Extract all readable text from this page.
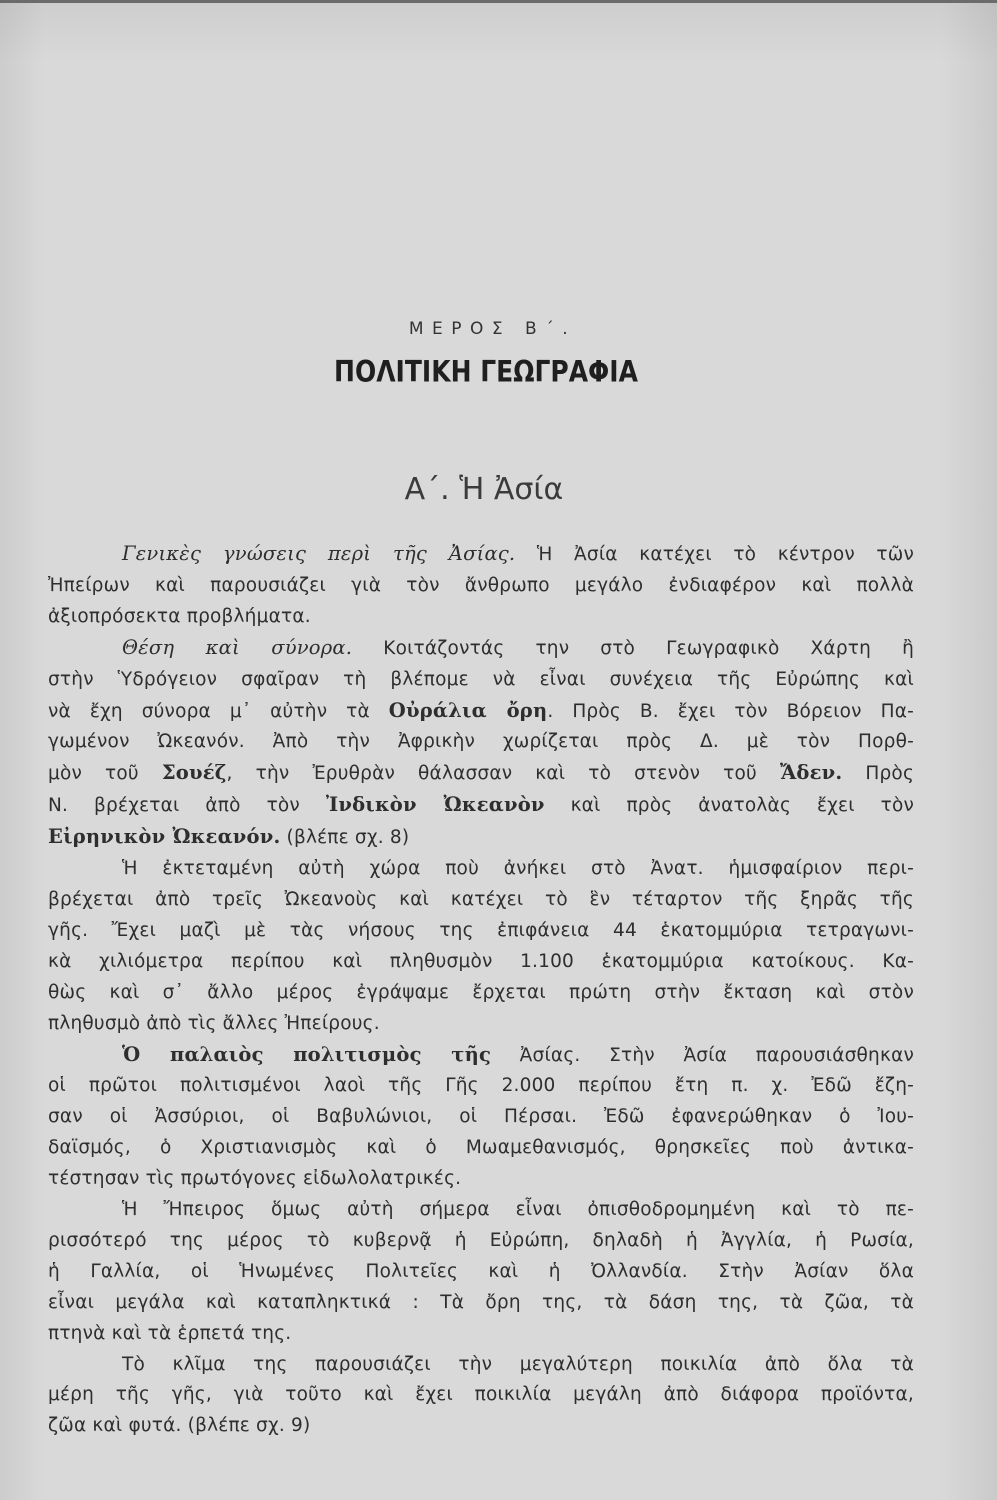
ΜΕΡΟΣ Β΄.
ΠΟΛΙΤΙΚΗ ΓΕΩΓΡΑΦΙΑ
Α΄. Ἡ Ἀσία
Γενικὲς γνώσεις περὶ τῆς Ἀσίας. Ἡ Ἀσία κατέχει τὸ κέντρον τῶν
Ἠπείρων καὶ παρουσιάζει γιὰ τὸν ἄνθρωπο μεγάλο ἐνδιαφέρον καὶ πολλὰ
ἀξιοπρόσεκτα προβλήματα.
Θέση καὶ σύνορα. Κοιτάζοντάς την στὸ Γεωγραφικὸ Χάρτη ἢ
στὴν Ὑδρόγειον σφαῖραν τὴ βλέπομε νὰ εἶναι συνέχεια τῆς Εὐρώπης καὶ
νὰ ἔχη σύνορα μ᾿ αὐτὴν τὰ Οὐράλια ὄρη. Πρὸς Β. ἔχει τὸν Βόρειον Πα-
γωμένον Ὠκεανόν. Ἀπὸ τὴν Ἀφρικὴν χωρίζεται πρὸς Δ. μὲ τὸν Πορθ-
μὸν τοῦ Σουέζ, τὴν Ἐρυθρὰν θάλασσαν καὶ τὸ στενὸν τοῦ Ἄδεν. Πρὸς
Ν. βρέχεται ἀπὸ τὸν Ἰνδικὸν Ὠκεανὸν καὶ πρὸς ἀνατολὰς ἔχει τὸν
Εἰρηνικὸν Ὠκεανόν. (βλέπε σχ. 8)
Ἡ ἐκτεταμένη αὐτὴ χώρα ποὺ ἀνήκει στὸ Ἀνατ. ἡμισφαίριον περι-
βρέχεται ἀπὸ τρεῖς Ὠκεανοὺς καὶ κατέχει τὸ ἓν τέταρτον τῆς ξηρᾶς τῆς
γῆς. Ἔχει μαζὶ μὲ τὰς νήσους της ἐπιφάνεια 44 ἑκατομμύρια τετραγωνι-
κὰ χιλιόμετρα περίπου καὶ πληθυσμὸν 1.100 ἑκατομμύρια κατοίκους. Κα-
θὼς καὶ σ᾿ ἄλλο μέρος ἐγράψαμε ἔρχεται πρώτη στὴν ἔκταση καὶ στὸν
πληθυσμὸ ἀπὸ τὶς ἄλλες Ἠπείρους.
Ὁ παλαιὸς πολιτισμὸς τῆς Ἀσίας. Στὴν Ἀσία παρουσιάσθηκαν
οἱ πρῶτοι πολιτισμένοι λαοὶ τῆς Γῆς 2.000 περίπου ἔτη π. χ. Ἐδῶ ἔζη-
σαν οἱ Ἀσσύριοι, οἱ Βαβυλώνιοι, οἱ Πέρσαι. Ἐδῶ ἐφανερώθηκαν ὁ Ἰου-
δαϊσμός, ὁ Χριστιανισμὸς καὶ ὁ Μωαμεθανισμός, θρησκεῖες ποὺ ἀντικα-
τέστησαν τὶς πρωτόγονες εἰδωλολατρικές.
Ἡ Ἤπειρος ὅμως αὐτὴ σήμερα εἶναι ὀπισθοδρομημένη καὶ τὸ πε-
ρισσότερό της μέρος τὸ κυβερνᾷ ἡ Εὐρώπη, δηλαδὴ ἡ Ἀγγλία, ἡ Ρωσία,
ἡ Γαλλία, οἱ Ἡνωμένες Πολιτεῖες καὶ ἡ Ὀλλανδία. Στὴν Ἀσίαν ὅλα
εἶναι μεγάλα καὶ καταπληκτικά : Τὰ ὄρη της, τὰ δάση της, τὰ ζῶα, τὰ
πτηνὰ καὶ τὰ ἑρπετά της.
Τὸ κλῖμα της παρουσιάζει τὴν μεγαλύτερη ποικιλία ἀπὸ ὅλα τὰ
μέρη τῆς γῆς, γιὰ τοῦτο καὶ ἔχει ποικιλία μεγάλη ἀπὸ διάφορα προϊόντα,
ζῶα καὶ φυτά. (βλέπε σχ. 9)
